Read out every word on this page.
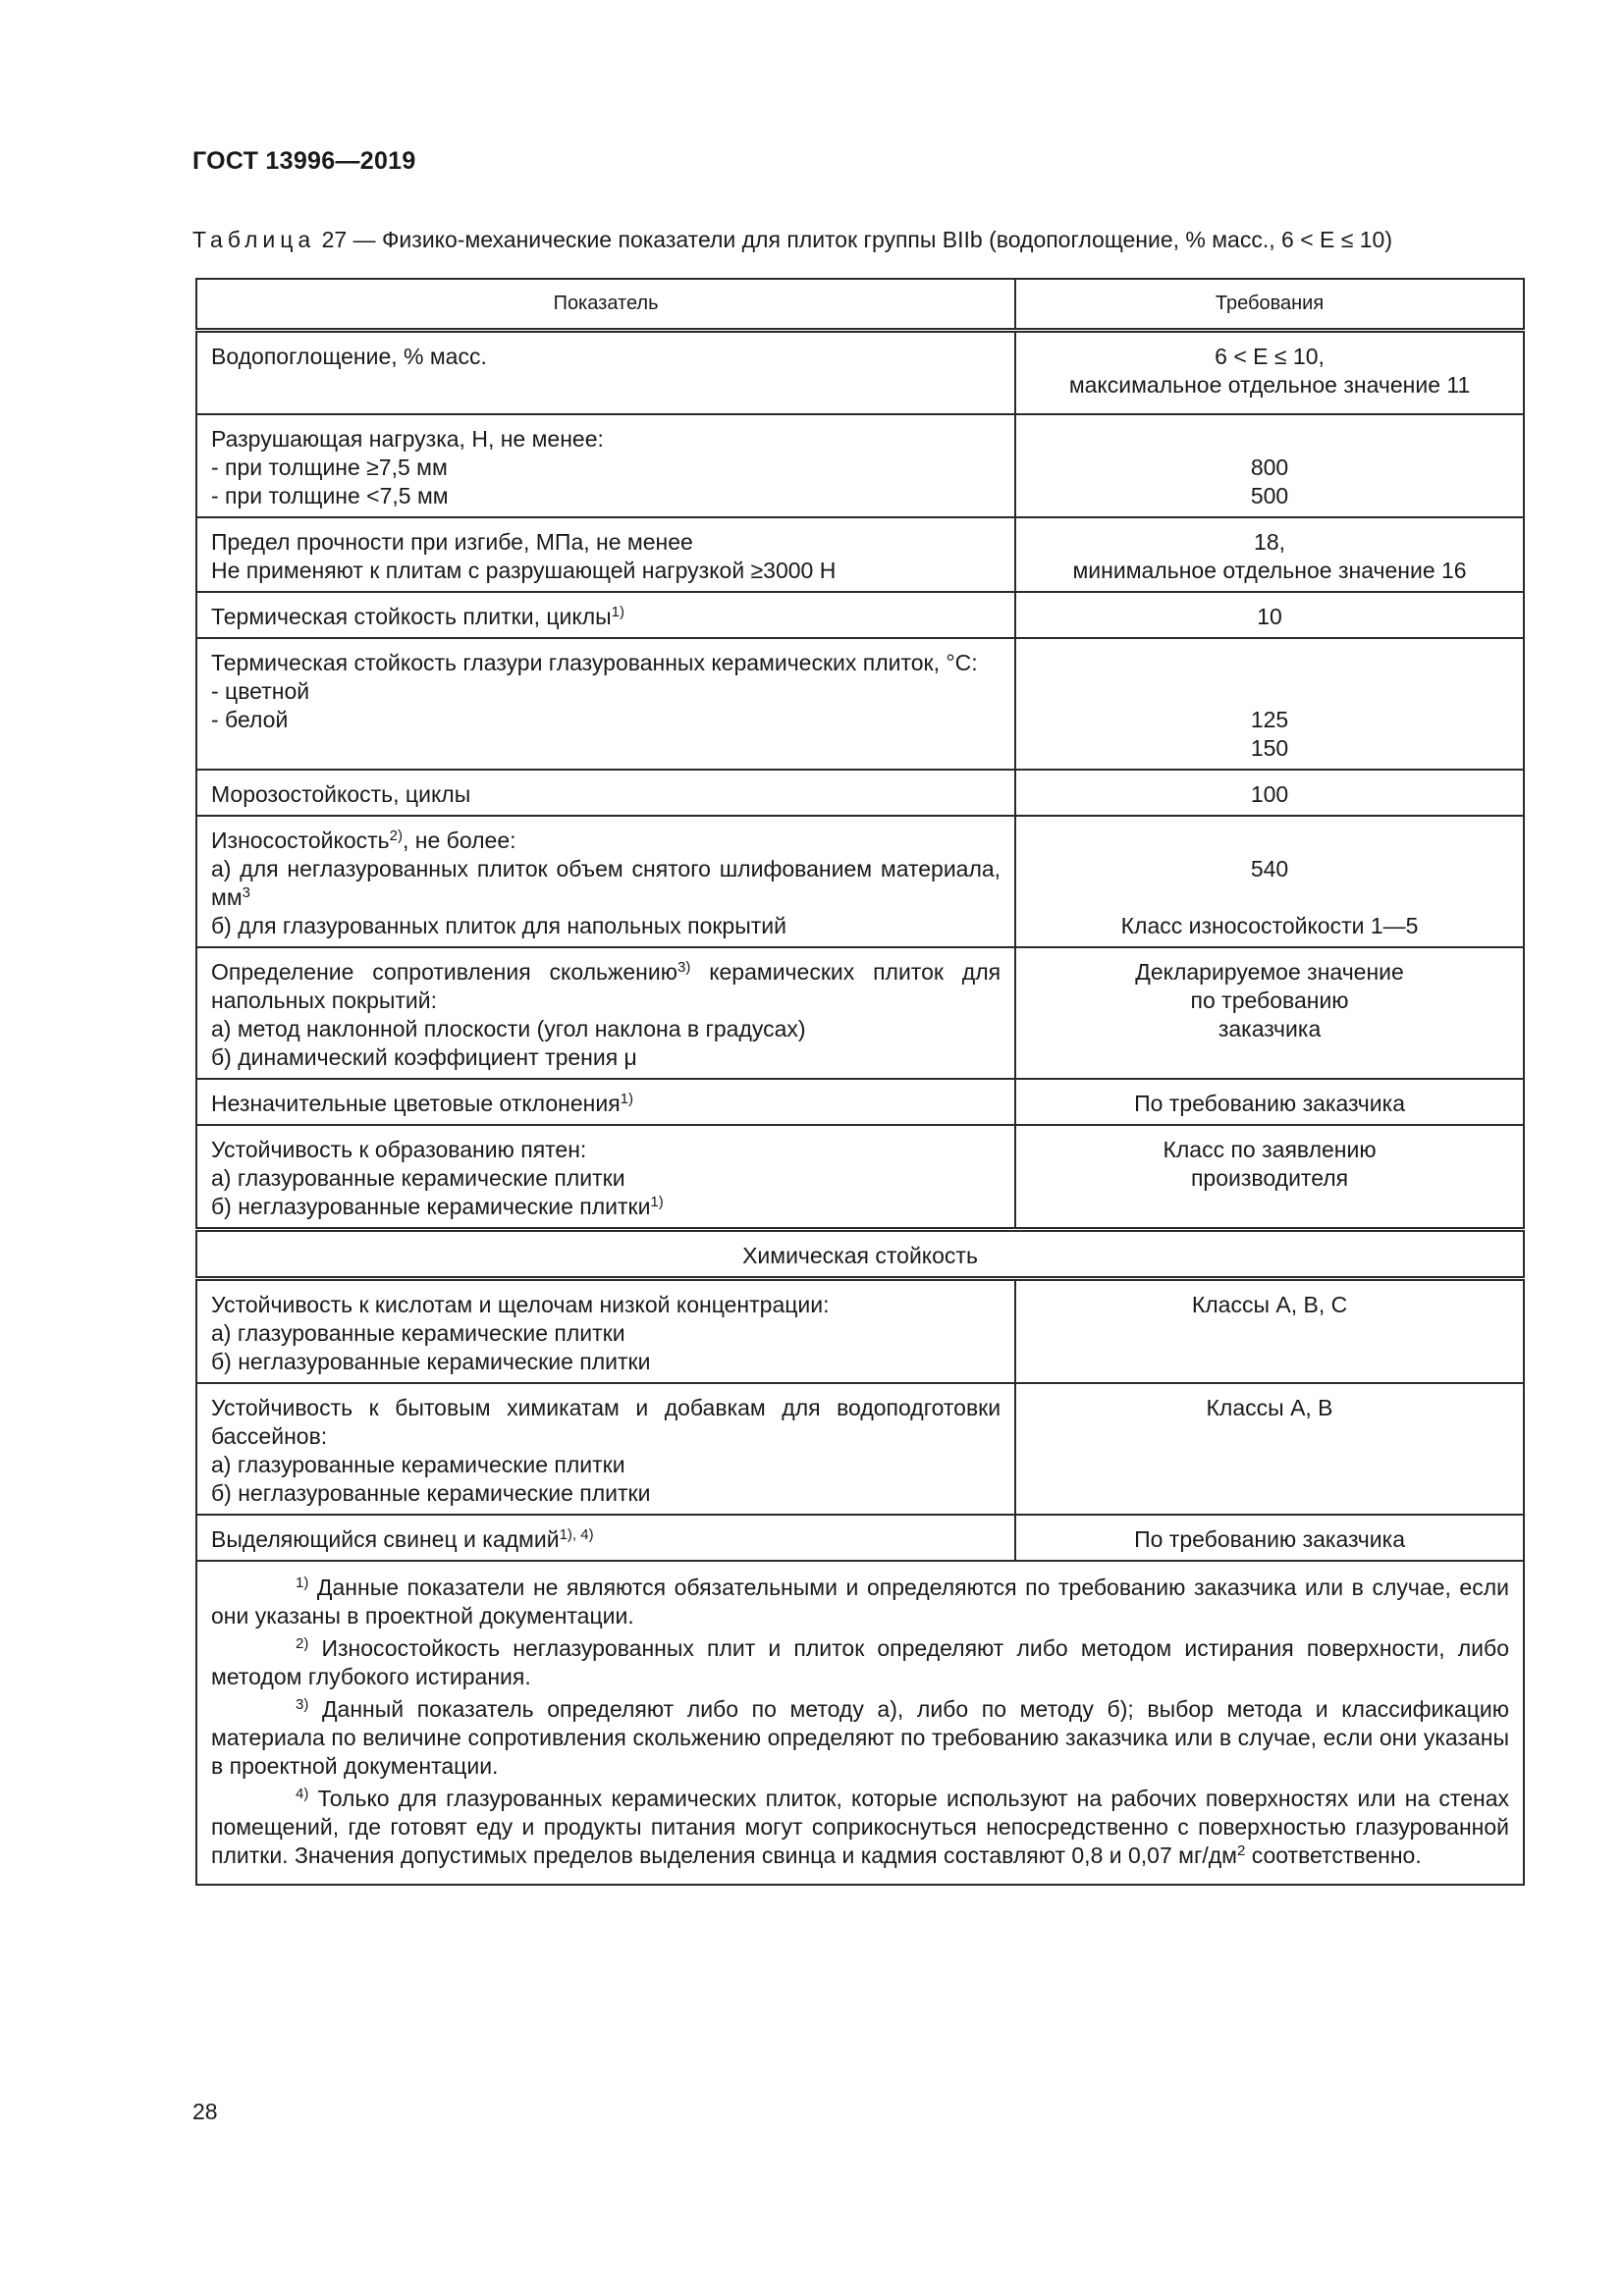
ГОСТ 13996—2019
Таблица 27 — Физико-механические показатели для плиток группы BIIb (водопоглощение, % масс., 6 < E ≤ 10)
Показатель	Требования

Водопоглощение, % масс.	6 < E ≤ 10,
максимальное отдельное значение 11

Разрушающая нагрузка, Н, не менее:
- при толщине ≥7,5 мм
- при толщине <7,5 мм	800
500

Предел прочности при изгибе, МПа, не менее
Не применяют к плитам с разрушающей нагрузкой ≥3000 Н	18,
минимальное отдельное значение 16

Термическая стойкость плитки, циклы$^{1)}$	10

Термическая стойкость глазури глазурованных керамических плиток, °С:
- цветной
- белой	125
150

Морозостойкость, циклы	100

Износостойкость$^{2)}$, не более:
а) для неглазурованных плиток объем снятого шлифованием материала, $мм^3$
б) для глазурованных плиток для напольных покрытий	540
Класс износостойкости 1—5

Определение сопротивления скольжению$^{3)}$ керамических плиток для напольных покрытий:
а) метод наклонной плоскости (угол наклона в градусах)
б) динамический коэффициент трения μ	Декларируемое значение
по требованию
заказчика

Незначительные цветовые отклонения$^{1)}$	По требованию заказчика

Устойчивость к образованию пятен:
а) глазурованные керамические плитки
б) неглазурованные керамические плитки$^{1)}$	Класс по заявлению
производителя

Химическая стойкость	

Устойчивость к кислотам и щелочам низкой концентрации:
а) глазурованные керамические плитки
б) неглазурованные керамические плитки	Классы А, В, С

Устойчивость к бытовым химикатам и добавкам для водоподготовки бассейнов:
а) глазурованные керамические плитки
б) неглазурованные керамические плитки	Классы А, В

Выделяющийся свинец и кадмий$^{1), 4)}$	По требованию заказчика

$^{1)}$ Данные показатели не являются обязательными и определяются по требованию заказчика или в случае, если они указаны в проектной документации.

$^{2)}$ Износостойкость неглазурованных плит и плиток определяют либо методом истирания поверхности, либо методом глубокого истирания.

$^{3)}$ Данный показатель определяют либо по методу а), либо по методу б); выбор метода и классификацию материала по величине сопротивления скольжению определяют по требованию заказчика или в случае, если они указаны в проектной документации.

$^{4)}$ Только для глазурованных керамических плиток, которые используют на рабочих поверхностях или на стенах помещений, где готовят еду и продукты питания могут соприкоснуться непосредственно с поверхностью глазурованной плитки. Значения допустимых пределов выделения свинца и кадмия составляют 0,8 и 0,07 $мг/дм^2$ соответственно.	

28
